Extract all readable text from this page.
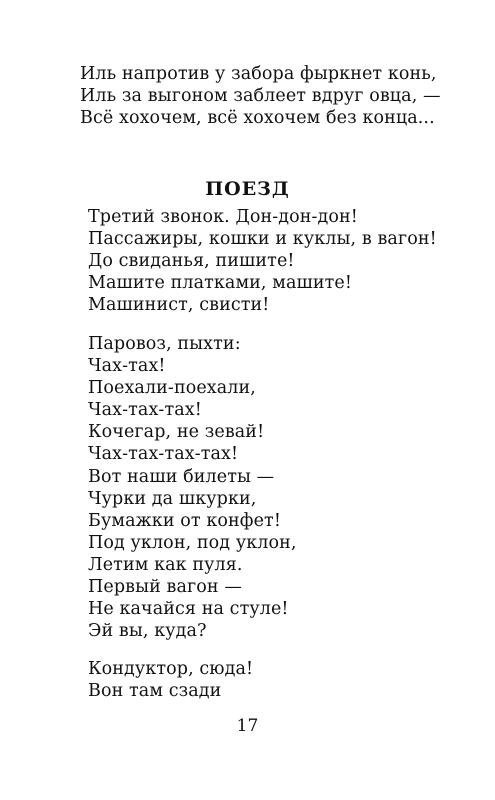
Иль напротив у забора фыркнет конь,
Иль за выгоном заблеет вдруг овца, —
Всё хохочем, всё хохочем без конца...
ПОЕЗД
Третий звонок. Дон-дон-дон!
Пассажиры, кошки и куклы, в вагон!
До свиданья, пишите!
Машите платками, машите!
Машинист, свисти!
Паровоз, пыхти:
Чах-тах!
Поехали-поехали,
Чах-тах-тах!
Кочегар, не зевай!
Чах-тах-тах-тах!
Вот наши билеты —
Чурки да шкурки,
Бумажки от конфет!
Под уклон, под уклон,
Летим как пуля.
Первый вагон —
Не качайся на стуле!
Эй вы, куда?
Кондуктор, сюда!
Вон там сзади
17
